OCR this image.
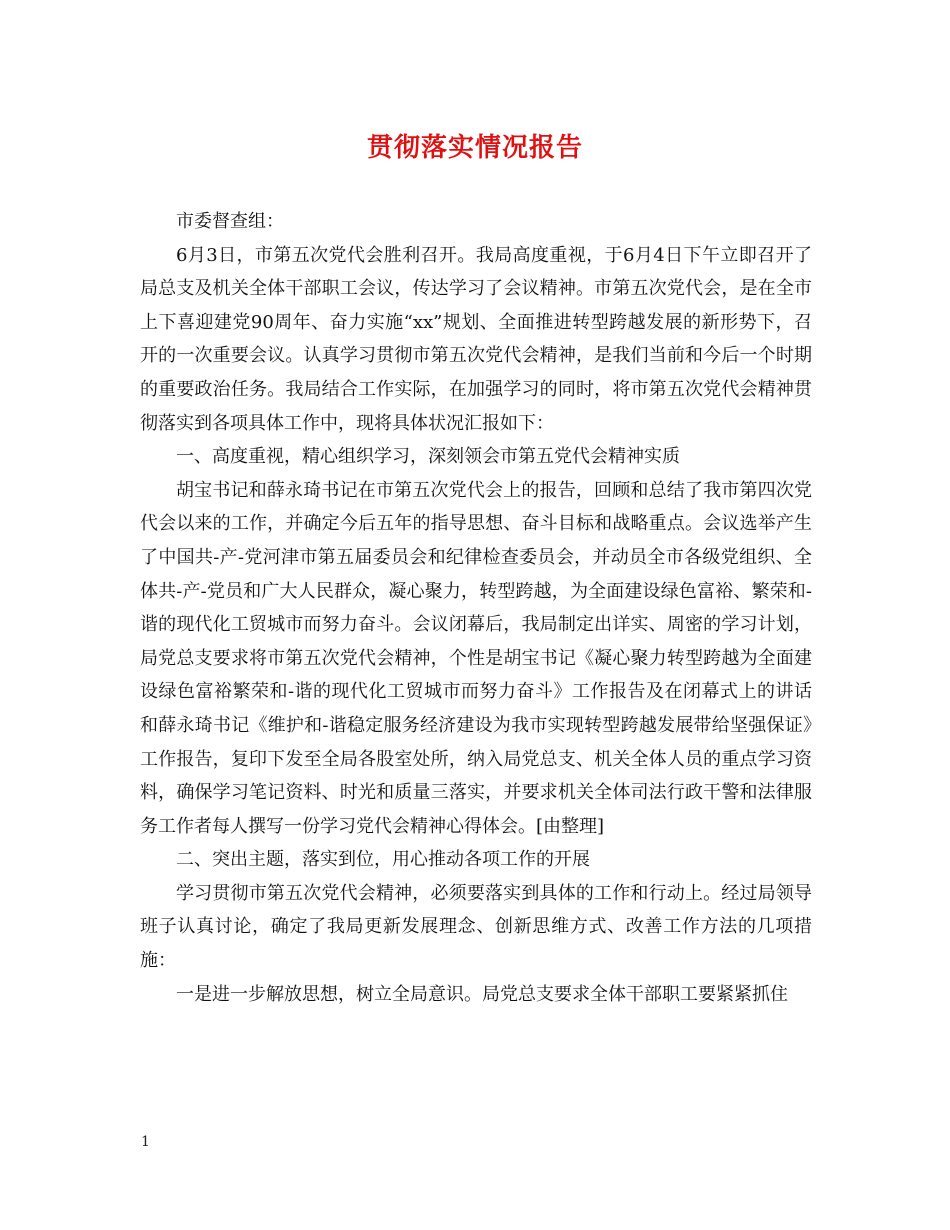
贯彻落实情况报告

市委督查组：

6月3日，市第五次党代会胜利召开。我局高度重视，于6月4日下午立即召开了局总支及机关全体干部职工会议，传达学习了会议精神。市第五次党代会，是在全市上下喜迎建党90周年、奋力实施“xx”规划、全面推进转型跨越发展的新形势下，召开的一次重要会议。认真学习贯彻市第五次党代会精神，是我们当前和今后一个时期的重要政治任务。我局结合工作实际，在加强学习的同时，将市第五次党代会精神贯彻落实到各项具体工作中，现将具体状况汇报如下：

一、高度重视，精心组织学习，深刻领会市第五党代会精神实质

胡宝书记和薛永琦书记在市第五次党代会上的报告，回顾和总结了我市第四次党代会以来的工作，并确定今后五年的指导思想、奋斗目标和战略重点。会议选举产生了中国共-产-党河津市第五届委员会和纪律检查委员会，并动员全市各级党组织、全体共-产-党员和广大人民群众，凝心聚力，转型跨越，为全面建设绿色富裕、繁荣和-谐的现代化工贸城市而努力奋斗。会议闭幕后，我局制定出详实、周密的学习计划，局党总支要求将市第五次党代会精神，个性是胡宝书记《凝心聚力转型跨越为全面建设绿色富裕繁荣和-谐的现代化工贸城市而努力奋斗》工作报告及在闭幕式上的讲话和薛永琦书记《维护和-谐稳定服务经济建设为我市实现转型跨越发展带给坚强保证》工作报告，复印下发至全局各股室处所，纳入局党总支、机关全体人员的重点学习资料，确保学习笔记资料、时光和质量三落实，并要求机关全体司法行政干警和法律服务工作者每人撰写一份学习党代会精神心得体会。[由整理]

二、突出主题，落实到位，用心推动各项工作的开展

学习贯彻市第五次党代会精神，必须要落实到具体的工作和行动上。经过局领导班子认真讨论，确定了我局更新发展理念、创新思维方式、改善工作方法的几项措施：

一是进一步解放思想，树立全局意识。局党总支要求全体干部职工要紧紧抓住

1
